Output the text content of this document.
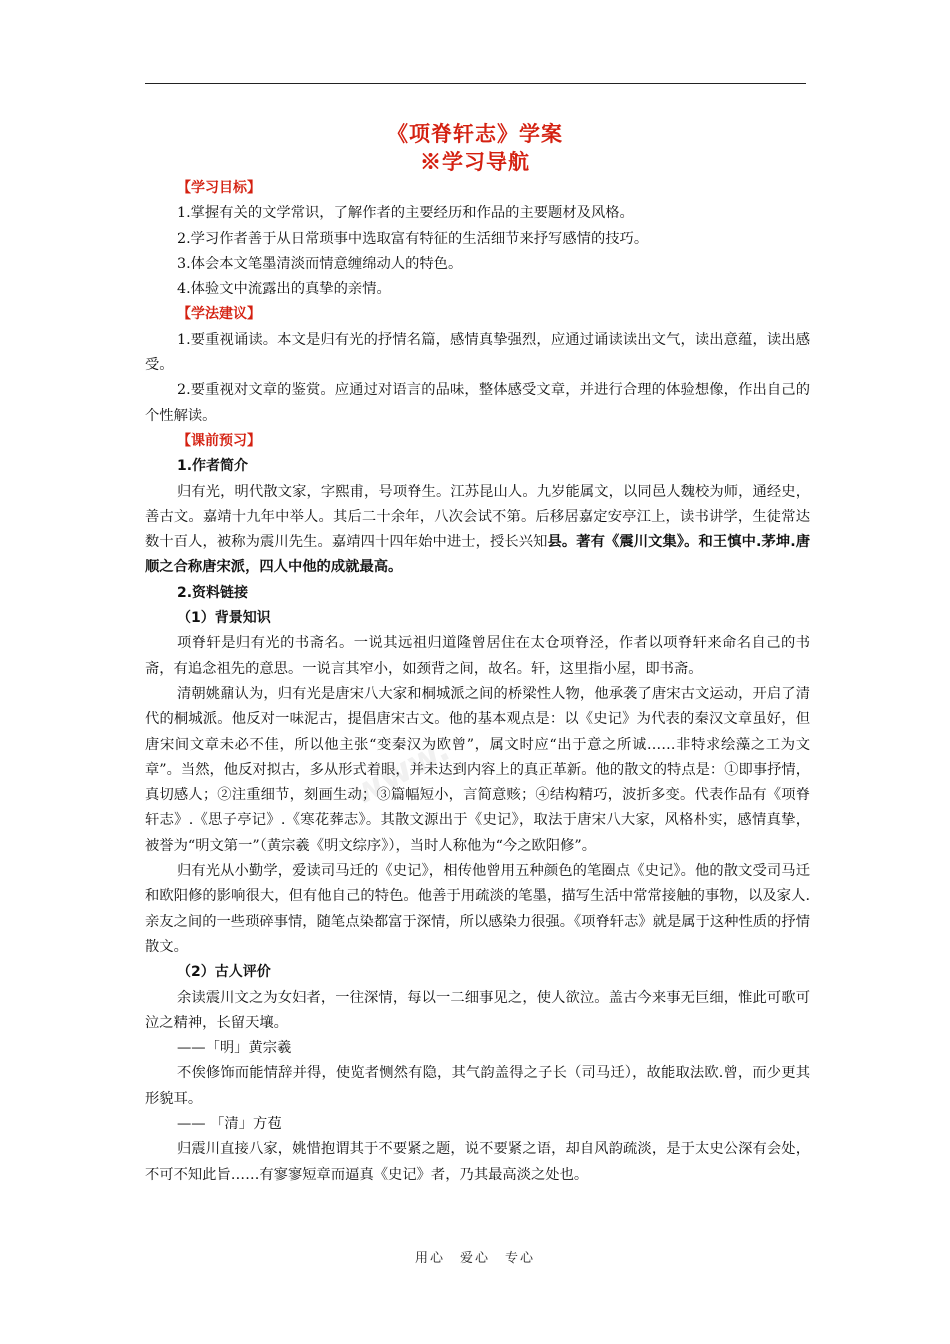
《项脊轩志》学案
※学习导航
www.

【学习目标】

1.掌握有关的文学常识，了解作者的主要经历和作品的主要题材及风格。

2.学习作者善于从日常琐事中选取富有特征的生活细节来抒写感情的技巧。

3.体会本文笔墨清淡而情意缠绵动人的特色。

4.体验文中流露出的真挚的亲情。

【学法建议】

1.要重视诵读。本文是归有光的抒情名篇，感情真挚强烈，应通过诵读读出文气，读出意蕴，读出感受。

2.要重视对文章的鉴赏。应通过对语言的品味，整体感受文章，并进行合理的体验想像，作出自己的个性解读。

【课前预习】

1.作者简介

归有光，明代散文家，字熙甫，号项脊生。江苏昆山人。九岁能属文，以同邑人魏校为师，通经史，善古文。嘉靖十九年中举人。其后二十余年，八次会试不第。后移居嘉定安亭江上，读书讲学，生徒常达数十百人，被称为震川先生。嘉靖四十四年始中进士，授长兴知县。著有《震川文集》。和王慎中.茅坤.唐顺之合称唐宋派，四人中他的成就最高。

2.资料链接

（1）背景知识

项脊轩是归有光的书斋名。一说其远祖归道隆曾居住在太仓项脊泾，作者以项脊轩来命名自己的书斋，有追念祖先的意思。一说言其窄小，如颈背之间，故名。轩，这里指小屋，即书斋。

清朝姚鼐认为，归有光是唐宋八大家和桐城派之间的桥梁性人物，他承袭了唐宋古文运动，开启了清代的桐城派。他反对一味泥古，提倡唐宋古文。他的基本观点是：以《史记》为代表的秦汉文章虽好，但唐宋间文章未必不佳，所以他主张“变秦汉为欧曾”，属文时应“出于意之所诚……非特求绘藻之工为文章”。当然，他反对拟古，多从形式着眼，并未达到内容上的真正革新。他的散文的特点是：①即事抒情，真切感人；②注重细节，刻画生动；③篇幅短小，言简意赅；④结构精巧，波折多变。代表作品有《项脊轩志》.《思子亭记》.《寒花葬志》。其散文源出于《史记》，取法于唐宋八大家，风格朴实，感情真挚，被誉为“明文第一”（黄宗羲《明文综序》），当时人称他为“今之欧阳修”。

归有光从小勤学，爱读司马迁的《史记》，相传他曾用五种颜色的笔圈点《史记》。他的散文受司马迁和欧阳修的影响很大，但有他自己的特色。他善于用疏淡的笔墨，描写生活中常常接触的事物，以及家人.亲友之间的一些琐碎事情，随笔点染都富于深情，所以感染力很强。《项脊轩志》就是属于这种性质的抒情散文。

（2）古人评价

余读震川文之为女妇者，一往深情，每以一二细事见之，使人欲泣。盖古今来事无巨细，惟此可歌可泣之精神，长留天壤。

——「明」黄宗羲

不俟修饰而能情辞并得，使览者恻然有隐，其气韵盖得之子长（司马迁），故能取法欧.曾，而少更其形貌耳。

—— 「清」方苞

归震川直接八家，姚惜抱谓其于不要紧之题，说不要紧之语，却自风韵疏淡，是于太史公深有会处，不可不知此旨……有寥寥短章而逼真《史记》者，乃其最高淡之处也。

用心　爱心　专心
